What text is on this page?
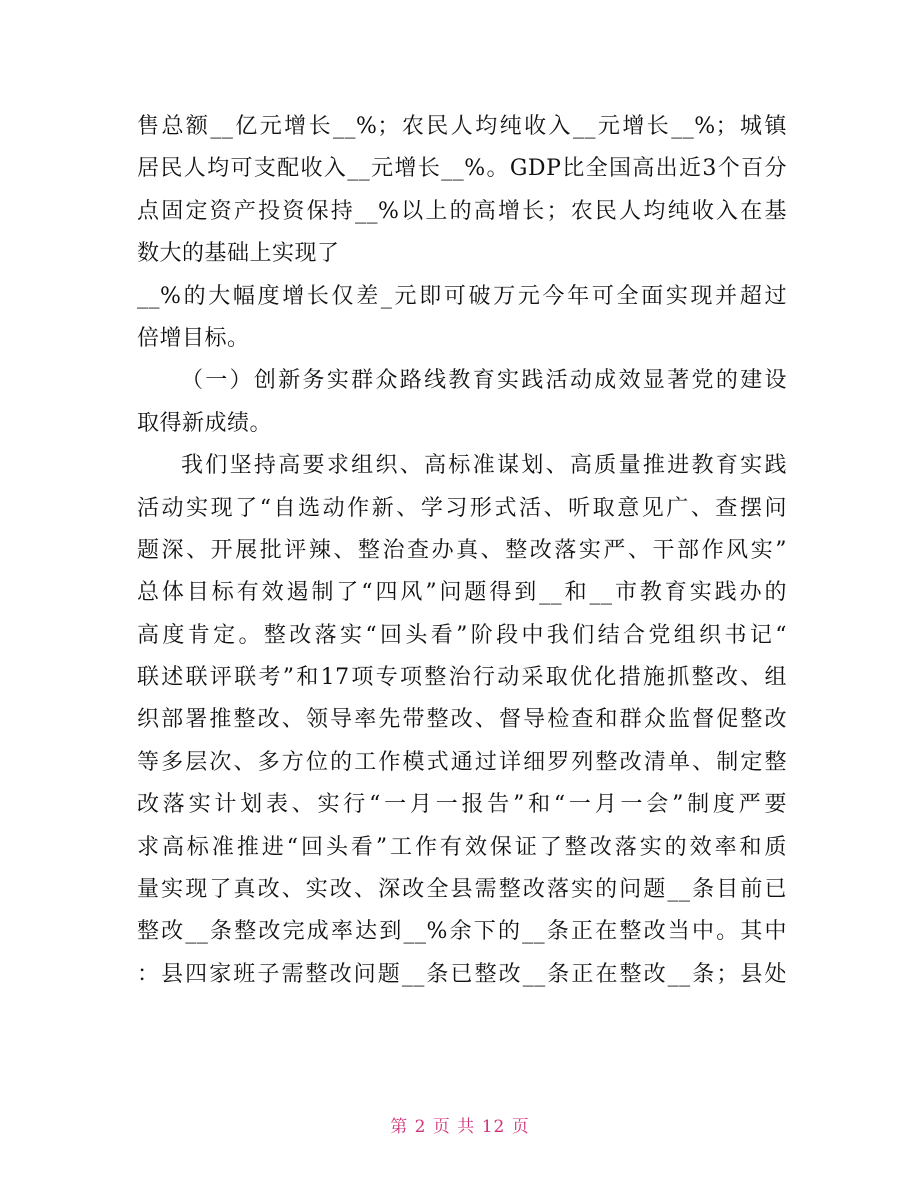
售总额__亿元增长__%；农民人均纯收入__元增长__%；城镇
居民人均可支配收入__元增长__%。GDP比全国高出近3个百分
点固定资产投资保持__%以上的高增长；农民人均纯收入在基
数大的基础上实现了
__%的大幅度增长仅差_元即可破万元今年可全面实现并超过
倍增目标。
（一）创新务实群众路线教育实践活动成效显著党的建设
取得新成绩。
我们坚持高要求组织、高标准谋划、高质量推进教育实践
活动实现了“自选动作新、学习形式活、听取意见广、查摆问
题深、开展批评辣、整治查办真、整改落实严、干部作风实”
总体目标有效遏制了“四风”问题得到__和__市教育实践办的
高度肯定。整改落实“回头看”阶段中我们结合党组织书记“
联述联评联考”和17项专项整治行动采取优化措施抓整改、组
织部署推整改、领导率先带整改、督导检查和群众监督促整改
等多层次、多方位的工作模式通过详细罗列整改清单、制定整
改落实计划表、实行“一月一报告”和“一月一会”制度严要
求高标准推进“回头看”工作有效保证了整改落实的效率和质
量实现了真改、实改、深改全县需整改落实的问题__条目前已
整改__条整改完成率达到__%余下的__条正在整改当中。其中
：县四家班子需整改问题__条已整改__条正在整改__条；县处
第 2 页 共 12 页
